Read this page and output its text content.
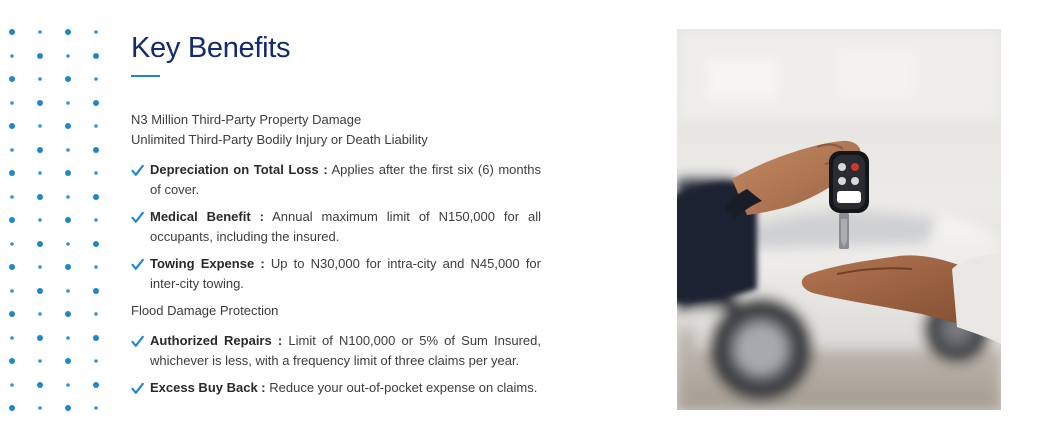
Key Benefits
N3 Million Third-Party Property Damage
Unlimited Third-Party Bodily Injury or Death Liability
Depreciation on Total Loss : Applies after the first six (6) months of cover.
Medical Benefit : Annual maximum limit of N150,000 for all occupants, including the insured.
Towing Expense : Up to N30,000 for intra-city and N45,000 for inter-city towing.
Flood Damage Protection
Authorized Repairs : Limit of N100,000 or 5% of Sum Insured, whichever is less, with a frequency limit of three claims per year.
Excess Buy Back : Reduce your out-of-pocket expense on claims.
